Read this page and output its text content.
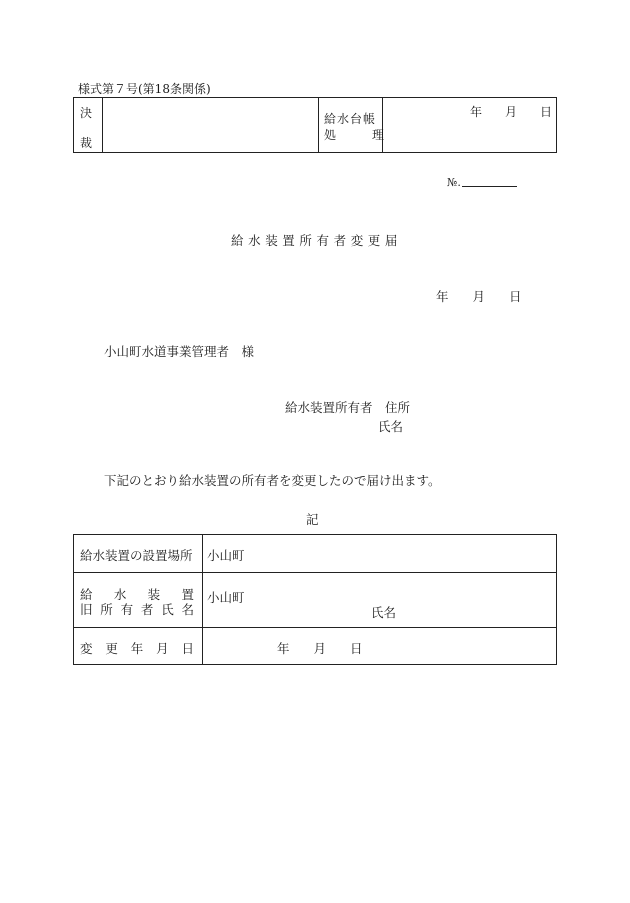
様式第７号(第18条関係)
決
裁
給水台帳
処	理
年 月 日
№.
給水装置所有者変更届
年 月 日
小山町水道事業管理者　様
給水装置所有者　住所
氏名
下記のとおり給水装置の所有者を変更したので届け出ます。
記
給水装置の設置場所 小山町
給 水 装 置
旧 所 有 者 氏 名
小山町
氏名
変 更 年 月 日	年 月 日
